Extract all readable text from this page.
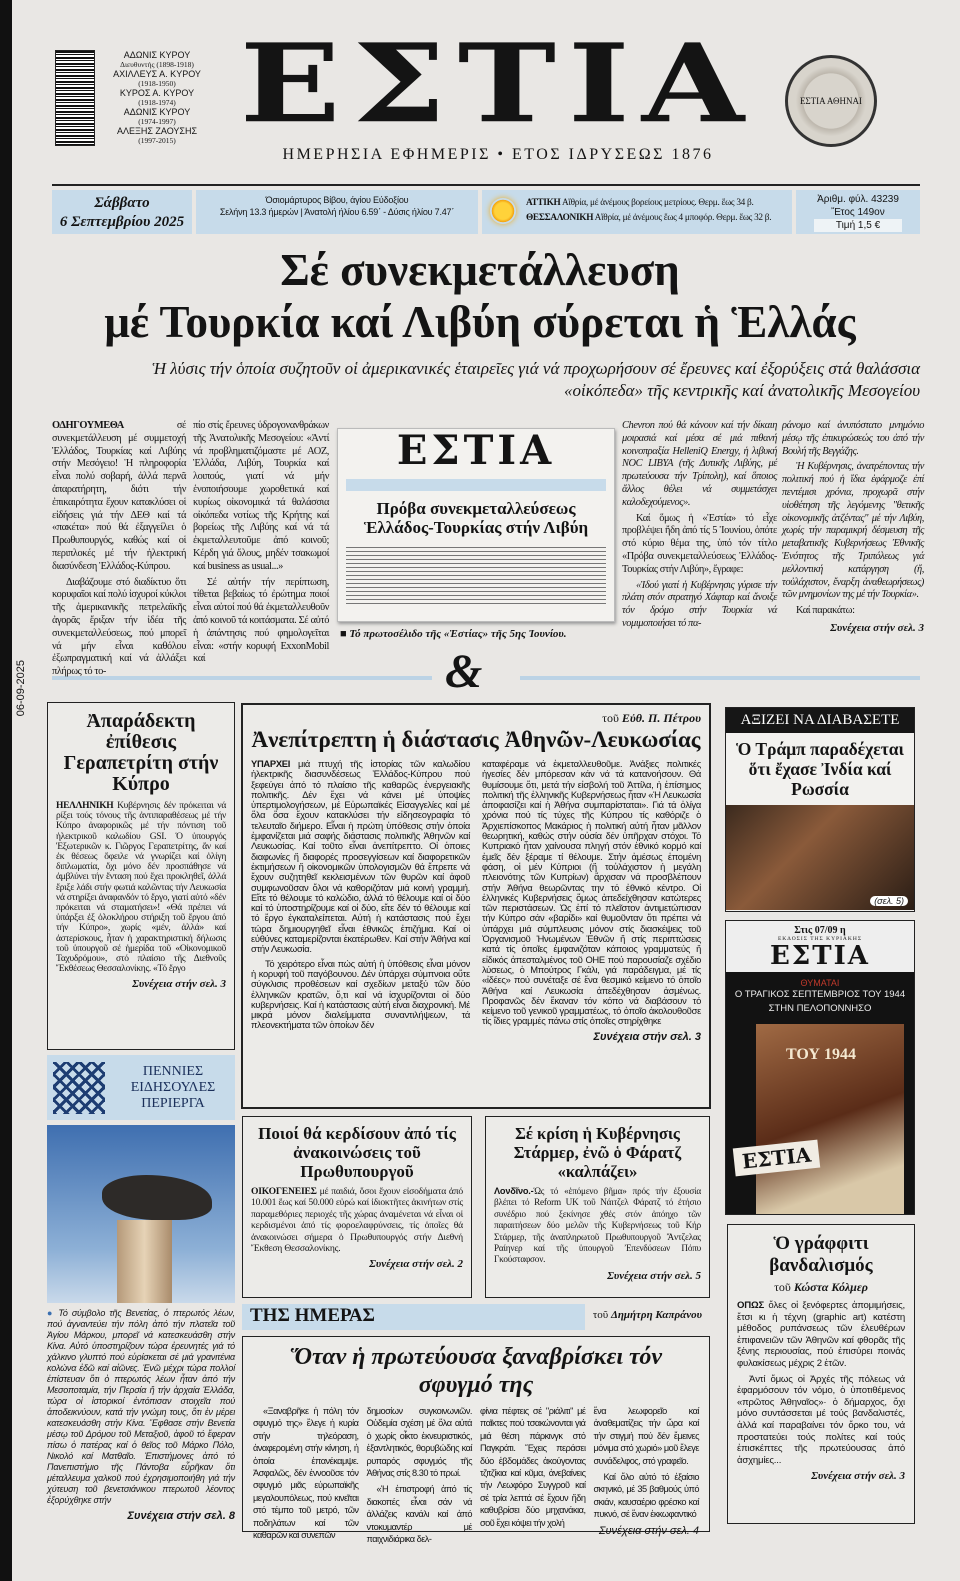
06-09-2025
ΑΔΩΝΙΣ ΚΥΡΟΥ
Διευθυντής (1898-1918)
ΑΧΙΛΛΕΥΣ Α. ΚΥΡΟΥ
(1918-1950)
ΚΥΡΟΣ Α. ΚΥΡΟΥ
(1918-1974)
ΑΔΩΝΙΣ ΚΥΡΟΥ
(1974-1997)
ΑΛΕΞΗΣ ΖΑΟΥΣΗΣ
(1997-2015) ΕΣΤΙΑ
ΗΜΕΡΗΣΙΑ ΕΦΗΜΕΡΙΣ • ΕΤΟΣ ΙΔΡΥΣΕΩΣ 1876
ΕΣΤΙΑ ΑΘΗΝΑΙ
Σάββατο
6 Σεπτεμβρίου 2025
Όσιομάρτυρος Βίβου, άγίου Εύδοξίου
Σελήνη 13.3 ήμερών | Άνατολή ήλίου 6.59΄ - Δύσις ήλίου 7.47΄
ΑΤΤΙΚΗ Αἴθρία, μέ ἀνέμους βορείους μετρίους. Θερμ. ἕως 34 β.
ΘΕΣΣΑΛΟΝΙΚΗ Αἴθρία, μέ ἀνέμους ἕως 4 μποφόρ. Θερμ. ἕως 32 β.
Ἀριθμ. φύλ. 43239
Ἔτος 149ον
Τιμή 1,5 €
Σέ συνεκμετάλλευση
μέ Τουρκία καί Λιβύη σύρεται ἡ Ἑλλάς
Ἡ λύσις τήν ὁποία συζητοῦν οἱ ἀμερικανικές ἑταιρεῖες γιά νά προχωρήσουν σέ ἔρευνες καί ἐξορύξεις στά θαλάσσια «οἰκόπεδα» τῆς κεντρικῆς καί ἀνατολικῆς Μεσογείου
&

ΟΔΗΓΟΥΜΕΘΑ σέ συνεκμετάλλευση μέ συμμετοχή Ἑλλάδος, Τουρκίας καί Λιβύης στήν Μεσόγειο! Ἡ πληροφορία εἶναι πολύ σοβαρή, ἀλλά περνᾶ ἀπαρατήρητη, διότι τήν ἐπικαιρότητα ἔχουν κατακλύσει οἱ εἰδήσεις γιά τήν ΔΕΘ καί τά «πακέτα» πού θά ἐξαγγείλει ὁ Πρωθυπουργός, καθώς καί οἱ περιπλοκές μέ τήν ἠλεκτρική διασύνδεση Ἑλλάδος-Κύπρου.

Διαβάζουμε στό διαδίκτυο ὅτι κορυφαῖοι καί πολύ ἰσχυροί κύκλοι τῆς ἀμερικανικῆς πετρελαϊκῆς ἀγορᾶς ἔριξαν τήν ἰδέα τῆς συνεκμεταλλεύσεως, πού μπορεῖ νά μήν εἶναι καθόλου ἐξωπραγματική καί νά ἀλλάξει πλήρως τό το-

πίο στίς ἔρευνες ὑδρογονανθράκων τῆς Ἀνατολικῆς Μεσογείου: «Ἀντί νά προβληματιζόμαστε μέ ΑΟΖ, Ἑλλάδα, Λιβύη, Τουρκία καί λοιπούς, γιατί νά μήν ἑνοποιήσουμε χωροθετικά καί κυρίως οἰκονομικά τά θαλάσσια οἰκόπεδα νοτίως τῆς Κρήτης καί βορείως τῆς Λιβύης καί νά τά ἐκμεταλλευτοῦμε ἀπό κοινοῦ; Κέρδη γιά ὅλους, μηδέν τσακωμοί καί business as usual...»

Σέ αὐτήν τήν περίπτωση, τίθεται βεβαίως τό ἐρώτημα ποιοί εἶναι αὐτοί πού θά ἐκμεταλλευθοῦν ἀπό κοινοῦ τά κοιτάσματα. Σέ αὐτό ἡ ἀπάντησις πού φημολογεῖται εἶναι: «στήν κορυφή ExxonMobil καί

ΕΣΤΙΑ
Πρόβα συνεκμεταλλεύσεως Ἑλλάδος-Τουρκίας στήν Λιβύη
■ Τό πρωτοσέλιδο τῆς «Ἑστίας» τῆς 5ης Ἰουνίου.

Chevron πού θά κάνουν καί τήν δίκαιη μοιρασιά καί μέσα σέ μιά πιθανή κοινοπραξία HelleniQ Energy, ἡ λιβυκή NOC LIBYA (τῆς Δυτικῆς Λιβύης, μέ πρωτεύουσα τήν Τρίπολη), καί ὅποιος ἄλλος θέλει νά συμμετάσχει καλοδεχούμενος».

Καί ὅμως ἡ «Ἑστία» τό εἶχε προβλέψει ἤδη ἀπό τίς 5 Ἰουνίου, ὁπότε στό κύριο θέμα της, ὑπό τόν τίτλο «Πρόβα συνεκμεταλλεύσεως Ἑλλάδος-Τουρκίας στήν Λιβύη», ἔγραφε:

«Ἰδού γιατί ἡ Κυβέρνησις γύρισε τήν πλάτη στόν στρατηγό Χάφταρ καί ἄνοιξε τόν δρόμο στήν Τουρκία νά νομιμοποιήσει τό πα-

ράνομο καί ἀνυπόστατο μνημόνιο μέσῳ τῆς ἐπικυρώσεώς του ἀπό τήν Βουλή τῆς Βεγγάζης.

Ἡ Κυβέρνησις, ἀνατρέποντας τήν πολιτική πού ἡ ἴδια ἐφάρμοζε ἐπί πεντέμισι χρόνια, προχωρᾶ στήν υἱοθέτηση τῆς λεγόμενης "θετικῆς οἰκονομικῆς ἀτζέντας" μέ τήν Λιβύη, χωρίς τήν παραμικρή δέσμευση τῆς μεταβατικῆς Κυβερνήσεως Ἐθνικῆς Ἑνότητος τῆς Τριπόλεως γιά μελλοντική κατάργηση (ἤ, τοὐλάχιστον, ἔναρξη ἀναθεωρήσεως) τῶν μνημονίων της μέ τήν Τουρκία».

Καί παρακάτω:

Συνέχεια στήν σελ. 3
Ἀπαράδεκτη ἐπίθεσις Γεραπετρίτη στήν Κύπρο

ΗΕΛΛΗΝΙΚΗ Κυβέρνησις δέν πρόκειται νά ρίξει τούς τόνους τῆς ἀντιπαραθέσεως μέ τήν Κύπρο ἀναφορικῶς μέ τήν πόντιση τοῦ ἠλεκτρικοῦ καλωδίου GSI. Ὁ ὑπουργός Ἐξωτερικῶν κ. Γιῶργος Γεραπετρίτης, ἄν καί ἐκ θέσεως ὄφειλε νά γνωρίζει καί ὀλίγη διπλωματία, ὄχι μόνο δέν προσπάθησε νά ἀμβλύνει τήν ἔνταση πού ἔχει προκληθεῖ, ἀλλά ἔριξε λάδι στήν φωτιά καλῶντας τήν Λευκωσία νά στηρίξει ἀναφανδόν τό ἔργο, γιατί αὐτό «δέν πρόκειται νά σταματήσει»! «Θά πρέπει νά ὑπάρξει ἐξ ὁλοκλήρου στήριξη τοῦ ἔργου ἀπό τήν Κύπρο», χωρίς «μέν, ἀλλά» καί ἀστερίσκους, ἦταν ἡ χαρακτηριστική δήλωσις τοῦ ὑπουργοῦ σέ ἡμερίδα τοῦ «Οἰκονομικοῦ Ταχυδρόμου», στό πλαίσιο τῆς Διεθνοῦς Ἔκθέσεως Θεσσαλονίκης. «Τό ἔργο

Συνέχεια στήν σελ. 3
ΠΕΝΝΙΕΣ
ΕΙΔΗΣΟΥΛΕΣ
ΠΕΡΙΕΡΓΑ

● Τό σύμβολο τῆς Βενετίας, ὁ πτερωτός λέων, πού ἀγναντεύει τήν πόλη ἀπό τήν πλατεῖα τοῦ Ἁγίου Μάρκου, μπορεῖ νά κατεσκευάσθη στήν Κίνα. Αὐτό ὑποστηρίζουν τώρα ἐρευνητές γιά τό χάλκινο γλυπτό πού εὑρίσκεται σέ μιά γρανιτένια κολώνα ἐδῶ καί αἰῶνες. Ἐνῶ μέχρι τώρα πολλοί ἐπίστευαν ὅτι ὁ πτερωτός λέων ἦταν ἀπό τήν Μεσοποταμία, τήν Περσία ἤ τήν ἀρχαία Ἑλλάδα, τώρα οἱ ἱστορικοί ἐντόπισαν στοιχεῖα πού ἀποδεικνύουν, κατά τήν γνώμη τους, ὅτι ἐν μέρει κατεσκευάσθη στήν Κίνα. Ἔφθασε στήν Βενετία μέσῳ τοῦ Δρόμου τοῦ Μεταξιοῦ, ἀφοῦ τό ἔφεραν πίσω ὁ πατέρας καί ὁ θεῖος τοῦ Μάρκο Πόλο, Νικολό καί Ματθαῖο. Ἐπιστήμονες ἀπό τό Πανεπιστήμιο τῆς Πάντοβα εὗρῆκαν ὅτι μέταλλευμα χαλκοῦ πού ἐχρησιμοποιήθη γιά τήν χύτευση τοῦ βενετσιάνικου πτερωτοῦ λέοντος ἐξορύχθηκε στήν

Συνέχεια στήν σελ. 8
τοῦ Εὐθ. Π. Πέτρου
Ἀνεπίτρεπτη ἡ διάστασις Ἀθηνῶν-Λευκωσίας

ΥΠΑΡΧΕΙ μιά πτυχή τῆς ἱστορίας τῶν καλωδίου ἠλεκτρικῆς διασυνδέσεως Ἑλλάδος-Κύπρου πού ξεφεύγει ἀπό τό πλαίσιο τῆς καθαρῶς ἐνεργειακῆς πολιτικῆς. Δέν ἔχει νά κάνει μέ ὑποψίες ὑπερτιμολογήσεων, μέ Εὐρωπαϊκές Εἰσαγγελίες καί μέ ὅλα ὅσα ἔχουν κατακλύσει τήν εἰδησεογραφία τό τελευταῖο διήμερο. Εἶναι ἡ πρώτη ὑπόθεσις στήν ὁποία ἐμφανίζεται μιά σαφής διάστασις πολιτικῆς Ἀθηνῶν καί Λευκωσίας. Καί τοῦτο εἶναι ἀνεπίτρεπτο. Οἱ ὁποιες διαφωνίες ἤ διαφορές προσεγγίσεων καί διαφορετικῶν ἐκτιμήσεων ἤ οἰκονομικῶν ὑπολογισμῶν θά ἔπρεπε νά ἔχουν συζητηθεῖ κεκλεισμένων τῶν θυρῶν καί ἀφοῦ συμφωνοῦσαν ὅλοι νά καθοριζόταν μιά κοινή γραμμή. Εἴτε τό θέλουμε τό καλώδιο, ἀλλά τό θέλουμε καί οἱ δύο καί τό ὑποστηρίζουμε καί οἱ δύο, εἴτε δέν τό θέλουμε καί τό ἔργο ἐγκαταλείπεται. Αὐτή ἡ κατάστασις πού ἔχει τώρα δημιουργηθεῖ εἶναι ἐθνικῶς ἐπιζήμια. Καί οἱ εὐθύνες καταμερίζονται ἑκατέρωθεν. Καί στήν Ἀθήνα καί στήν Λευκωσία.

Τό χειρότερο εἶναι πώς αὐτή ἡ ὑπόθεσις εἶναι μόνον ἡ κορυφή τοῦ παγόβουνου. Δέν ὑπάρχει σύμπνοια οὔτε σύγκλισις προθέσεων καί σχεδίων μεταξύ τῶν δύο ἑλληνικῶν κρατῶν, ὅ,τι καί νά ἰσχυρίζονται οἱ δύο κυβερνήσεις. Καί ἡ κατάστασις αὐτή εἶναι διαχρονική. Μέ μικρά μόνον διαλείμματα συναντιλήψεων, τά πλεονεκτήματα τῶν ὁποίων δέν

καταφέραμε νά ἐκμεταλλευθοῦμε. Ἀνάξιες πολιτικές ἡγεσίες δέν μπόρεσαν κάν νά τά κατανοήσουν. Θά θυμίσουμε ὅτι, μετά τήν εἰσβολή τοῦ Ἀττίλα, ἡ ἐπίσημος πολιτική τῆς ἑλληνικῆς Κυβερνήσεως ἦταν «Ἡ Λευκωσία ἀποφασίζει καί ἡ Ἀθήνα συμπαρίσταται». Γιά τά ὀλίγα χρόνια πού τίς τύχες τῆς Κύπρου τίς καθόριζε ὁ Ἀρχιεπίσκοπος Μακάριος ἡ πολιτική αὐτή ἦταν μᾶλλον θεωρητική, καθώς στήν οὐσία δέν ὑπῆρχαν στόχοι. Τό Κυπριακό ἦταν χαίνουσα πληγή στόν ἐθνικό κορμό καί ἐμεῖς δέν ξέραμε τί θέλουμε. Στήν ἀμέσως ἑπομένη φάση, οἱ μέν Κύπριοι (ἤ τοὐλάχιστον ἡ μεγάλη πλειονότης τῶν Κυπρίων) ἄρχισαν νά προσβλέπουν στήν Ἀθήνα θεωρῶντας την τό ἐθνικό κέντρο. Οἱ ἑλληνικές Κυβερνήσεις ὅμως ἀπεδείχθησαν κατώτερες τῶν περιστάσεων. Ὡς ἐπί τό πλεῖστον ἀντιμετώπισαν τήν Κύπρο σάν «βαρίδι» καί θυμοῦνταν ὅτι πρέπει νά ὑπάρχει μιά σύμπλευσις μόνον στίς διασκέψεις τοῦ Ὀργανισμοῦ Ἡνωμένων Ἐθνῶν ἤ στίς περιπτώσεις κατά τίς ὁποῖες ἐμφανιζόταν κάποιος γραμματεύς ἤ εἰδικός ἀπεσταλμένος τοῦ ΟΗΕ πού παρουσίαζε σχέδιο λύσεως, ὁ Μπούτρος Γκάλι, γιά παράδειγμα, μέ τίς «ἰδέες» πού συνέταξε σέ ἕνα θεσμικό κείμενο τό ὁποῖο Ἀθήνα καί Λευκωσία ἀπεδέχθησαν ἀσμένως. Προφανῶς δέν ἔκαναν τόν κόπο νά διαβάσουν τό κείμενο τοῦ γενικοῦ γραμματέως, τό ὁποῖο ἀκολουθοῦσε τίς ἴδιες γραμμές πάνω στίς ὁποῖες στηρίχθηκε

Συνέχεια στήν σελ. 3
ΑΞΙΖΕΙ ΝΑ ΔΙΑΒΑΣΕΤΕ
Ὁ Τράμπ παραδέχεται ὅτι ἔχασε Ἰνδία καί Ρωσσία
(σελ. 5)
Στις 07/09 η
ΕΚΔΟΣΙΣ ΤΗΣ ΚΥΡΙΑΚΗΣ
ΕΣΤΙΑ
ΘΥΜΑΤΑΙ
Ο ΤΡΑΓΙΚΟΣ ΣΕΠΤΕΜΒΡΙΟΣ ΤΟΥ 1944
ΣΤΗΝ ΠΕΛΟΠΟΝΝΗΣΟ
ΤΟΥ 1944
ΕΣΤΙΑ
Ποιοί θά κερδίσουν ἀπό τίς ἀνακοινώσεις τοῦ Πρωθυπουργοῦ

ΟΙΚΟΓΕΝΕΙΕΣ μέ παιδιά, ὅσοι ἔχουν εἰσοδήματα ἀπό 10.001 ἕως καί 50.000 εὐρώ καί ἰδιοκτῆτες ἀκινήτων στίς παραμεθόριες περιοχές τῆς χώρας ἀναμένεται νά εἶναι οἱ κερδισμένοι ἀπό τίς φοροελαφρύνσεις, τίς ὁποῖες θά ἀνακοινώσει σήμερα ὁ Πρωθυπουργός στήν Διεθνή Ἔκθεση Θεσσαλονίκης.

Συνέχεια στήν σελ. 2
Σέ κρίση ἡ Κυβέρνησις Στάρμερ, ἐνῶ ὁ Φάρατζ «καλπάζει»

Λονδῖνο.-Ὡς τό «ἑπόμενο βῆμα» πρός τήν ἐξουσία βλέπει τό Reform UK τοῦ Νάιτζελ Φάρατζ τό ἐτήσιο συνέδριο πού ξεκίνησε χθές στόν ἀπόηχο τῶν παραιτήσεων δύο μελῶν τῆς Κυβερνήσεως τοῦ Κήρ Στάρμερ, τῆς ἀναπληρωτοῦ Πρωθυπουργοῦ Ἄντζελας Ραίηνερ καί τῆς ὑπουργοῦ Ἐπενδύσεων Πόπυ Γκούσταφσον.

Συνέχεια στήν σελ. 5
Ὁ γράφφιτι βανδαλισμός
τοῦ Κώστα Κόλμερ

ΟΠΩΣ ὅλες οἱ ξενόφερτες ἀπομιμήσεις, ἔτσι κι ἡ τέχνη (graphic art) κατέστη μέθοδος ρυπάνσεως τῶν ἐλευθέρων ἐπιφανειῶν τῶν Ἀθηνῶν καί φθορᾶς τῆς ξένης περιουσίας, πού ἐπισύρει ποινάς φυλακίσεως μέχρις 2 ἐτῶν.

Ἀντί ὅμως οἱ Ἀρχές τῆς πόλεως νά ἐφαρμόσουν τόν νόμο, ὁ ὑποτιθέμενος «πρῶτος Ἀθηναῖος»· ὁ δήμαρχος, ὄχι μόνο συντάσσεται μέ τούς βανδαλιστές, ἀλλά καί παραβαίνει τόν ὅρκο του, νά προστατεύει τούς πολίτες καί τούς ἐπισκέπτες τῆς πρωτεύουσας ἀπό ἀσχημίες...

Συνέχεια στήν σελ. 3
ΤΗΣ ΗΜΕΡΑΣ	τοῦ Δημήτρη Καπράνου
Ὅταν ἡ πρωτεύουσα ξαναβρίσκει τόν σφυγμό της

«Ξαναβρῆκε ἡ πόλη τόν σφυγμό της» ἔλεγε ἡ κυρία στήν τηλεόραση, ἀναφερομένη στήν κίνηση, ἡ ὁποία ἐπανέκαμψε. Ἀσφαλῶς, δέν ἐννοοῦσε τόν σφυγμό μιᾶς εὐρωπαϊκῆς μεγαλουπόλεως, πού κινεῖται στό τέμπο τοῦ μετρό, τῶν ποδηλάτων καί τῶν καθαρῶν καί συνεπῶν

δημοσίων συγκοινωνιῶν. Οὐδεμία σχέση μέ ὅλα αὐτά ὁ χωρίς οἶκτο ἐκνευριστικός, ἐξαντλητικός, θορυβώδης καί ρυπαρός σφυγμός τῆς Ἀθήνας στίς 8.30 τό πρωί.

«Ἡ ἐπιστροφή ἀπό τίς διακοπές εἶναι σάν νά ἀλλάζεις κανάλι καί ἀπό ντοκυμαντέρ μέ παιχνιδιάρικα δελ-

φίνια πέφτεις σέ "ριάλιτι" μέ παῖκτες πού τσακώνονται γιά μιά θέση πάρκινγκ στό Παγκράτι. Ἔχεις περάσει δύο ἑβδομάδες ἀκούγοντας τζιτζίκια καί κῦμα, ἀνεβαίνεις τήν Λεωφόρο Συγγροῦ καί σέ τρία λεπτά σέ ἔχουν ἤδη καθυβρίσει δύο μηχανάκια, σοῦ ἔχει κόψει τήν χολή

ἕνα λεωφορεῖο καί ἀναθεματίζεις τήν ὥρα καί τήν στιγμή πού δέν ἔμεινες μόνιμα στό χωριό» μοῦ ἔλεγε συνάδελφος, στό γραφεῖο.

Καί ὅλο αὐτό τό ἐξαίσιο σκηνικό, μέ 35 βαθμούς ὑπό σκιάν, καυσαέριο φρέσκο καί πυκνό, σέ ἕναν ἐκκωφαντικό

Συνέχεια στήν σελ. 4
